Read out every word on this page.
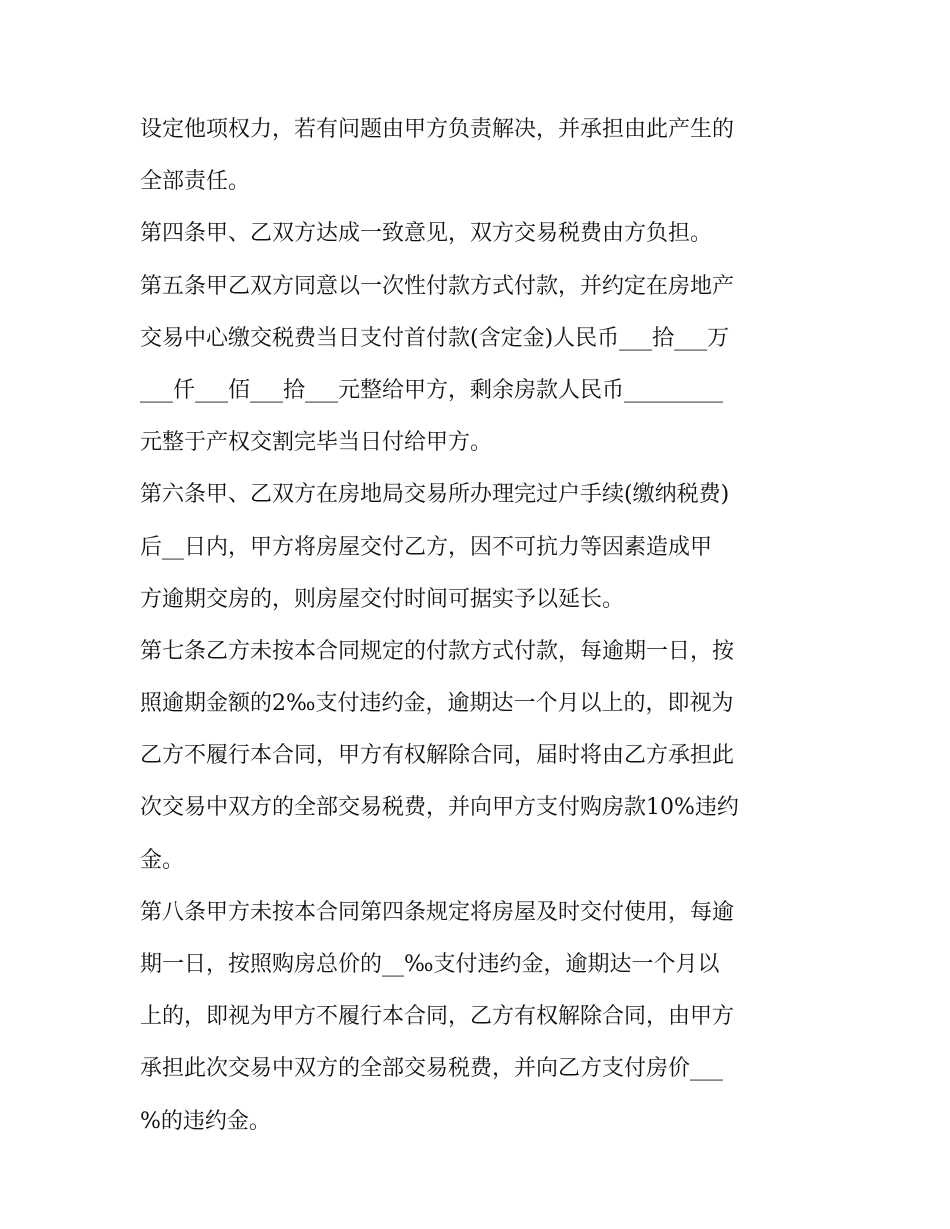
设定他项权力，若有问题由甲方负责解决，并承担由此产生的
全部责任。
第四条甲、乙双方达成一致意见，双方交易税费由方负担。
第五条甲乙双方同意以一次性付款方式付款，并约定在房地产
交易中心缴交税费当日支付首付款(含定金)人民币___拾___万
___仟___佰___拾___元整给甲方，剩余房款人民币_________
元整于产权交割完毕当日付给甲方。
第六条甲、乙双方在房地局交易所办理完过户手续(缴纳税费)
后__日内，甲方将房屋交付乙方，因不可抗力等因素造成甲
方逾期交房的，则房屋交付时间可据实予以延长。
第七条乙方未按本合同规定的付款方式付款，每逾期一日，按
照逾期金额的2‰支付违约金，逾期达一个月以上的，即视为
乙方不履行本合同，甲方有权解除合同，届时将由乙方承担此
次交易中双方的全部交易税费，并向甲方支付购房款10%违约
金。
第八条甲方未按本合同第四条规定将房屋及时交付使用，每逾
期一日，按照购房总价的__‰支付违约金，逾期达一个月以
上的，即视为甲方不履行本合同，乙方有权解除合同，由甲方
承担此次交易中双方的全部交易税费，并向乙方支付房价___
%的违约金。
